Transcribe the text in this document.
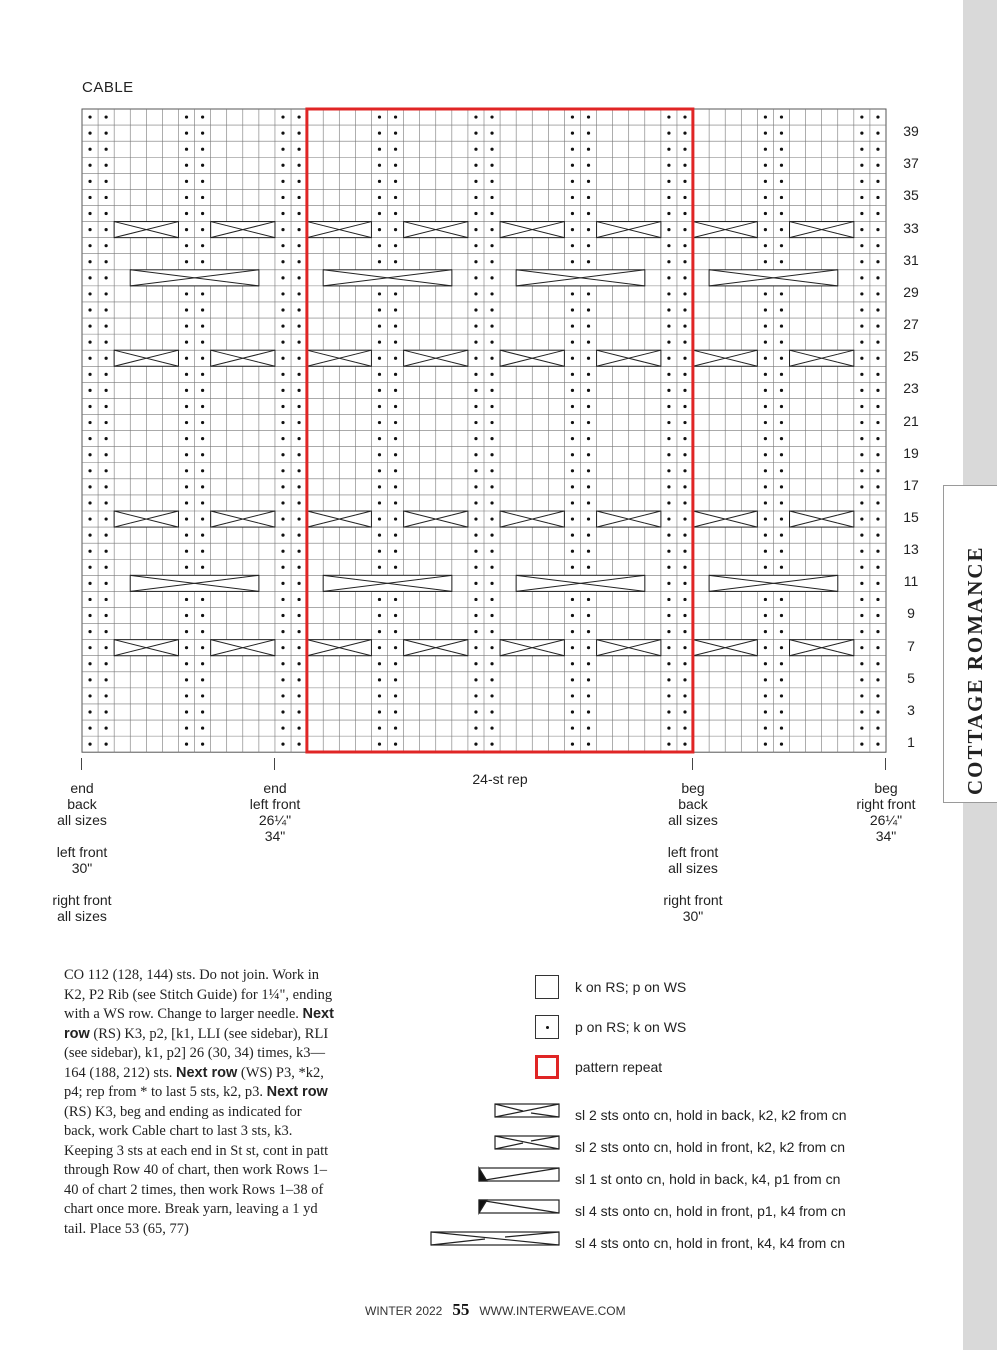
COTTAGE ROMANCE
CABLE
39
37
35
33
31
29
27
25
23
21
19
17
15
13
11
9
7
5
3
1
24-st rep
end
back
all sizes

left front
30"

right front
all sizes
end
left front
26¼"
34"
beg
back
all sizes

left front
all sizes

right front
30"
beg
right front
26¼"
34"
CO 112 (128, 144) sts. Do not join. Work in K2, P2 Rib (see Stitch Guide) for 1¼", ending with a WS row. Change to larger needle. Next row (RS) K3, p2, [k1, LLI (see sidebar), RLI (see sidebar), k1, p2] 26 (30, 34) times, k3—164 (188, 212) sts. Next row (WS) P3, *k2, p4; rep from * to last 5 sts, k2, p3. Next row (RS) K3, beg and ending as indicated for back, work Cable chart to last 3 sts, k3. Keeping 3 sts at each end in St st, cont in patt through Row 40 of chart, then work Rows 1–40 of chart 2 times, then work Rows 1–38 of chart once more. Break yarn, leaving a 1 yd tail. Place 53 (65, 77)
k on RS; p on WS
p on RS; k on WS
pattern repeat
sl 2 sts onto cn, hold in back, k2, k2 from cn
sl 2 sts onto cn, hold in front, k2, k2 from cn
sl 1 st onto cn, hold in back, k4, p1 from cn
sl 4 sts onto cn, hold in front, p1, k4 from cn
sl 4 sts onto cn, hold in front, k4, k4 from cn
WINTER 2022 55 WWW.INTERWEAVE.COM
